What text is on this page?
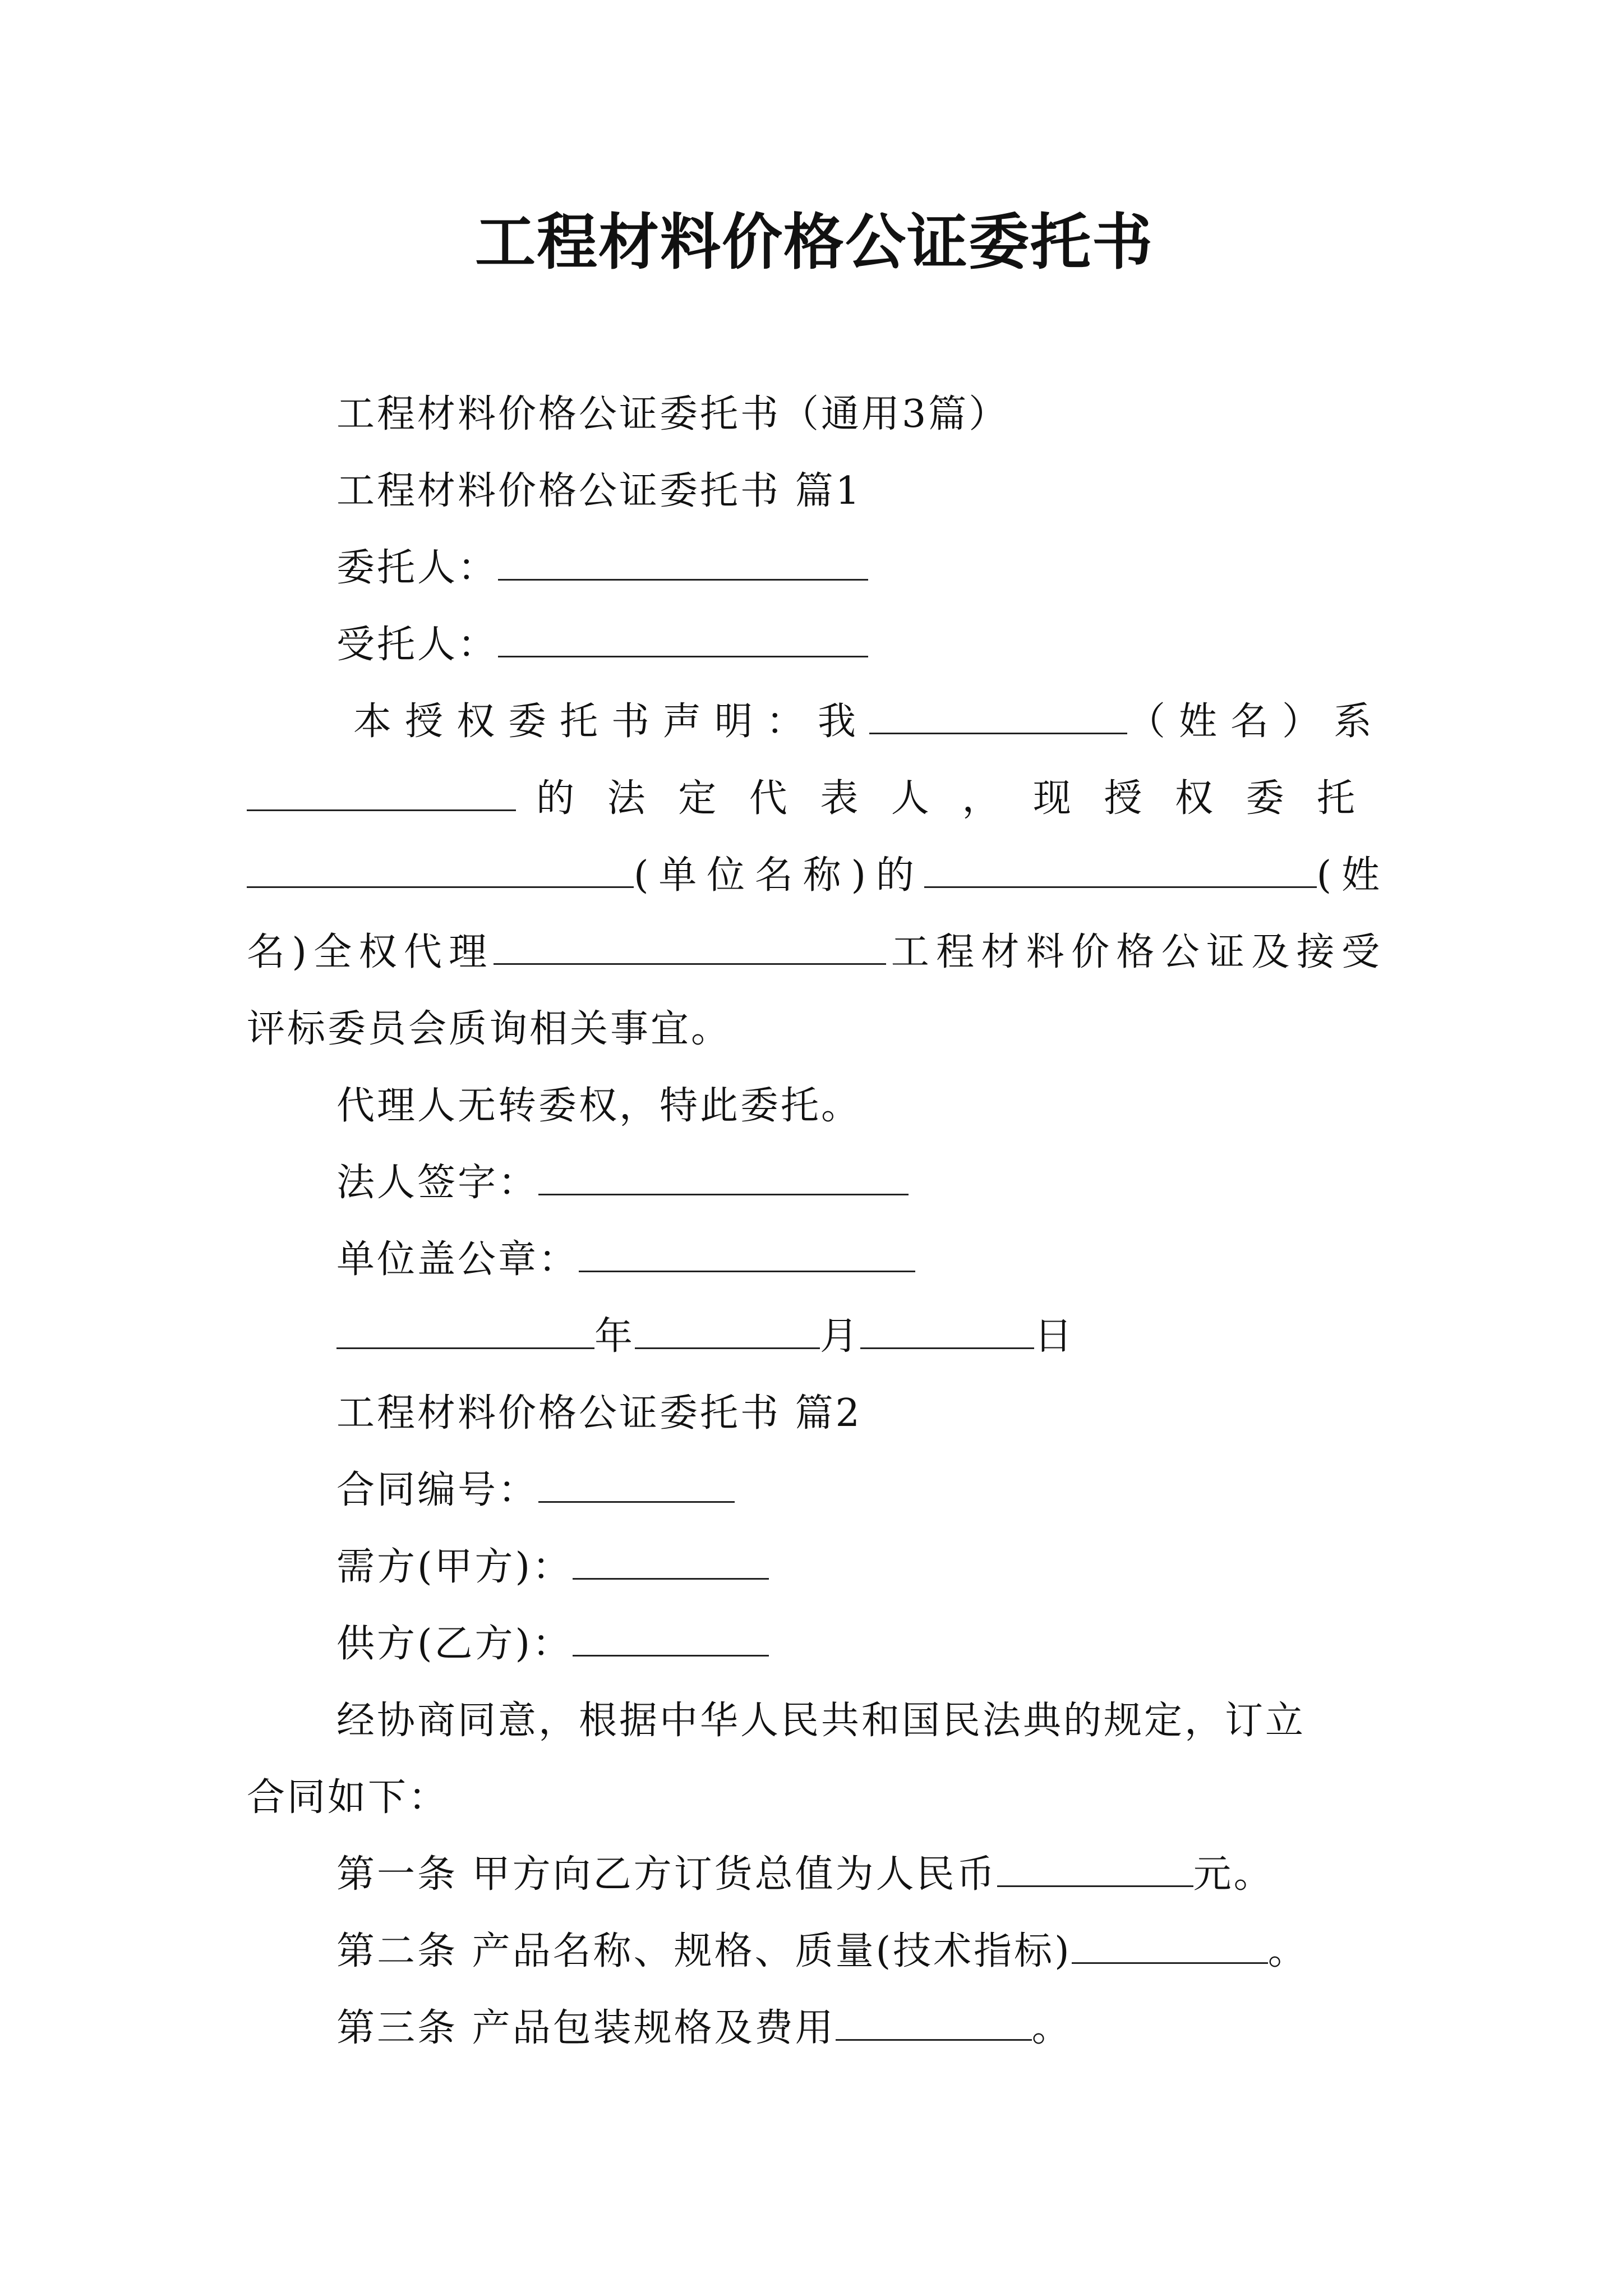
工程材料价格公证委托书

工程材料价格公证委托书（通用3篇）

工程材料价格公证委托书 篇1

委托人：

受托人：

本授权委托书声明：我	（姓名）系

的法定代表人，现授权委托

(单位名称)的	(姓

名)全权代理	工程材料价格公证及接受

评标委员会质询相关事宜。

代理人无转委权，特此委托。

法人签字：

单位盖公章：

年	月	日

工程材料价格公证委托书 篇2

合同编号：

需方(甲方)：

供方(乙方)：

经协商同意，根据中华人民共和国民法典的规定，订立

合同如下：

第一条 甲方向乙方订货总值为人民币	元。

第二条 产品名称、规格、质量(技术指标)	。

第三条 产品包装规格及费用	。
